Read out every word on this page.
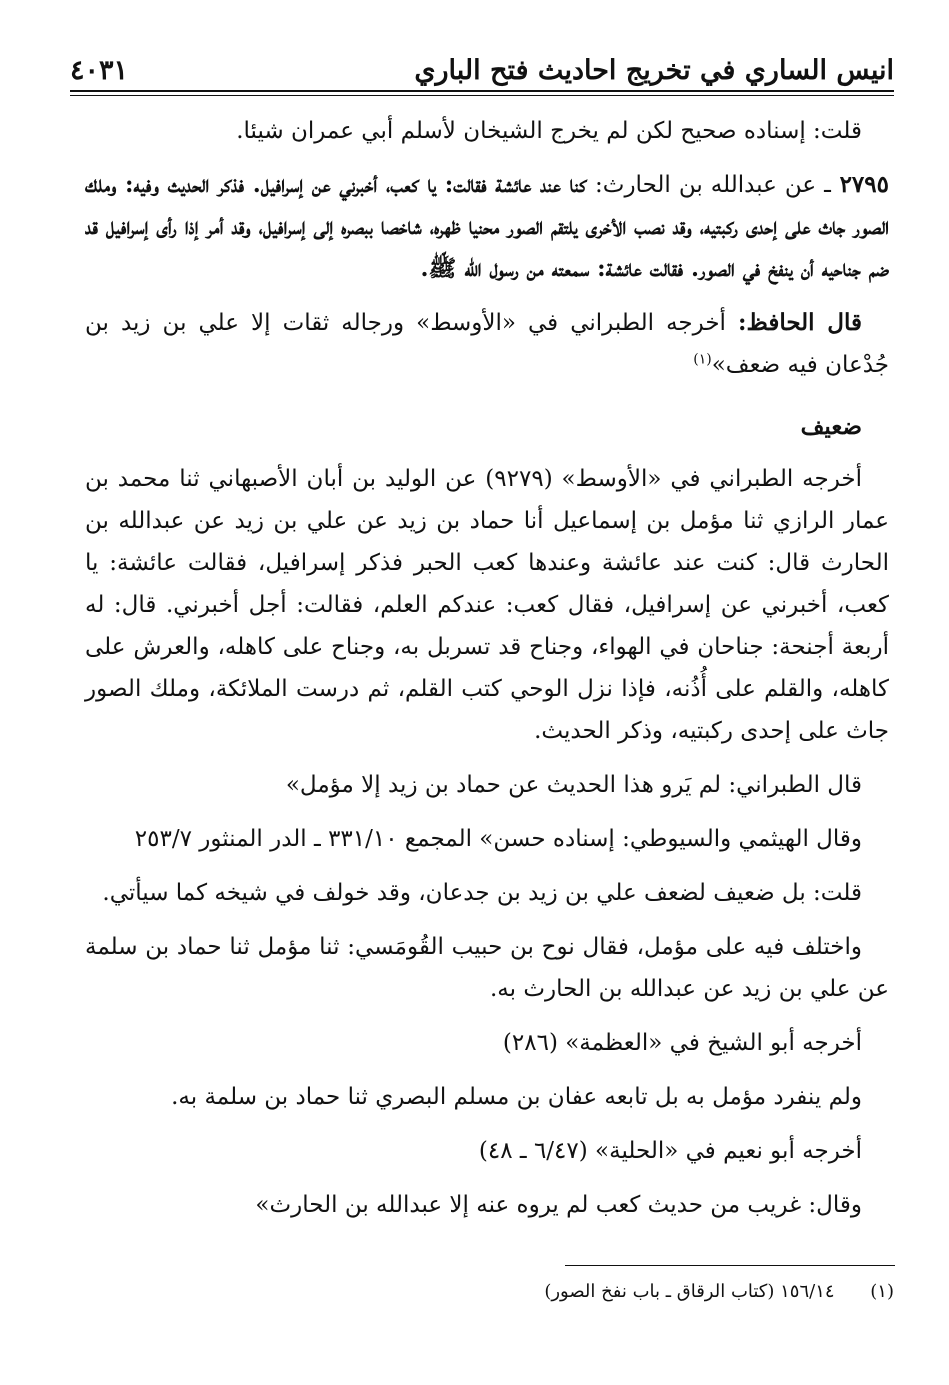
انيس الساري في تخريج احاديث فتح الباري
٤٠٣١

قلت: إسناده صحيح لكن لم يخرج الشيخان لأسلم أبي عمران شيئا.

٢٧٩٥ ـ عن عبدالله بن الحارث: كنا عند عائشة فقالت: يا كعب، أخبرني عن إسرافيل. فذكر الحديث وفيه: وملك الصور جاث على إحدى ركبتيه، وقد نصب الأخرى يلتقم الصور محنيا ظهره، شاخصا ببصره إلى إسرافيل، وقد أمر إذا رأى إسرافيل قد ضم جناحيه أن ينفخ في الصور. فقالت عائشة: سمعته من رسول الله ﷺ.

قال الحافظ: أخرجه الطبراني في «الأوسط» ورجاله ثقات إلا علي بن زيد بن جُدْعان فيه ضعف»$^{(١)}$

ضعيف

أخرجه الطبراني في «الأوسط» (٩٢٧٩) عن الوليد بن أبان الأصبهاني ثنا محمد بن عمار الرازي ثنا مؤمل بن إسماعيل أنا حماد بن زيد عن علي بن زيد عن عبدالله بن الحارث قال: كنت عند عائشة وعندها كعب الحبر فذكر إسرافيل، فقالت عائشة: يا كعب، أخبرني عن إسرافيل، فقال كعب: عندكم العلم، فقالت: أجل أخبرني. قال: له أربعة أجنحة: جناحان في الهواء، وجناح قد تسربل به، وجناح على كاهله، والعرش على كاهله، والقلم على أُذُنه، فإذا نزل الوحي كتب القلم، ثم درست الملائكة، وملك الصور جاث على إحدى ركبتيه، وذكر الحديث.

قال الطبراني: لم يَرو هذا الحديث عن حماد بن زيد إلا مؤمل»

وقال الهيثمي والسيوطي: إسناده حسن» المجمع ٣٣١/١٠ ـ الدر المنثور ٢٥٣/٧

قلت: بل ضعيف لضعف علي بن زيد بن جدعان، وقد خولف في شيخه كما سيأتي.

واختلف فيه على مؤمل، فقال نوح بن حبيب القُومَسي: ثنا مؤمل ثنا حماد بن سلمة عن علي بن زيد عن عبدالله بن الحارث به.

أخرجه أبو الشيخ في «العظمة» (٢٨٦)

ولم ينفرد مؤمل به بل تابعه عفان بن مسلم البصري ثنا حماد بن سلمة به.

أخرجه أبو نعيم في «الحلية» (٦/٤٧ ـ ٤٨)

وقال: غريب من حديث كعب لم يروه عنه إلا عبدالله بن الحارث»

(١) ١٥٦/١٤ (كتاب الرقاق ـ باب نفخ الصور)
